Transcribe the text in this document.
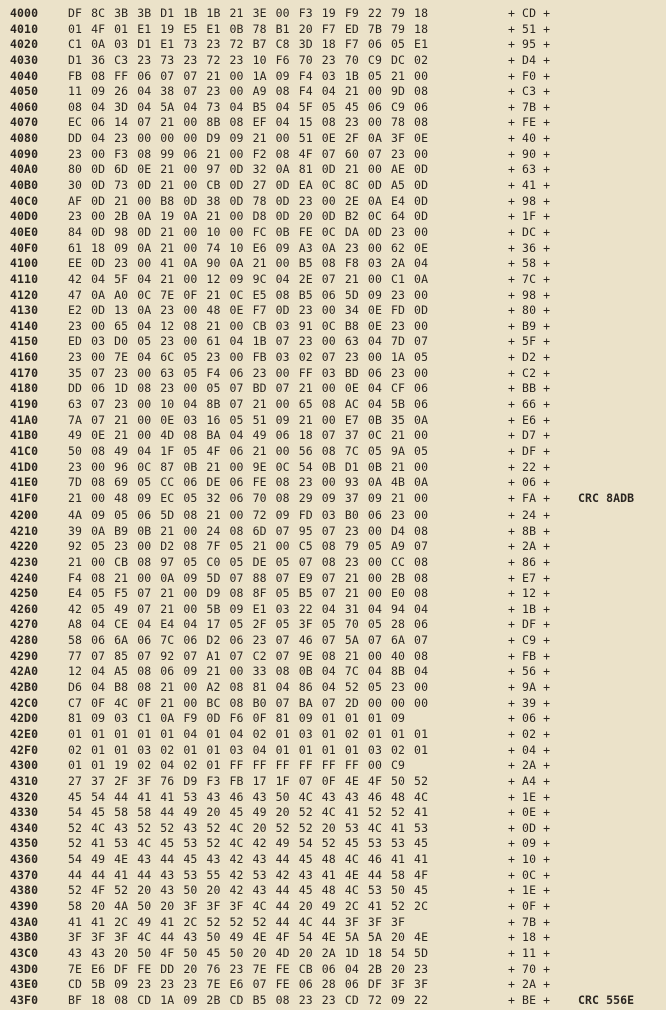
4000	DF 8C 3B 3B D1 1B 1B 21 3E 00 F3 19 F9 22 79 18	+ CD +
4010	01 4F 01 E1 19 E5 E1 0B 78 B1 20 F7 ED 7B 79 18	+ 51 +
4020	C1 0A 03 D1 E1 73 23 72 B7 C8 3D 18 F7 06 05 E1	+ 95 +
4030	D1 36 C3 23 73 23 72 23 10 F6 70 23 70 C9 DC 02	+ D4 +
4040	FB 08 FF 06 07 07 21 00 1A 09 F4 03 1B 05 21 00	+ F0 +
4050	11 09 26 04 38 07 23 00 A9 08 F4 04 21 00 9D 08	+ C3 +
4060	08 04 3D 04 5A 04 73 04 B5 04 5F 05 45 06 C9 06	+ 7B +
4070	EC 06 14 07 21 00 8B 08 EF 04 15 08 23 00 78 08	+ FE +
4080	DD 04 23 00 00 00 D9 09 21 00 51 0E 2F 0A 3F 0E	+ 40 +
4090	23 00 F3 08 99 06 21 00 F2 08 4F 07 60 07 23 00	+ 90 +
40A0	80 0D 6D 0E 21 00 97 0D 32 0A 81 0D 21 00 AE 0D	+ 63 +
40B0	30 0D 73 0D 21 00 CB 0D 27 0D EA 0C 8C 0D A5 0D	+ 41 +
40C0	AF 0D 21 00 B8 0D 38 0D 78 0D 23 00 2E 0A E4 0D	+ 98 +
40D0	23 00 2B 0A 19 0A 21 00 D8 0D 20 0D B2 0C 64 0D	+ 1F +
40E0	84 0D 98 0D 21 00 10 00 FC 0B FE 0C DA 0D 23 00	+ DC +
40F0	61 18 09 0A 21 00 74 10 E6 09 A3 0A 23 00 62 0E	+ 36 +
4100	EE 0D 23 00 41 0A 90 0A 21 00 B5 08 F8 03 2A 04	+ 58 +
4110	42 04 5F 04 21 00 12 09 9C 04 2E 07 21 00 C1 0A	+ 7C +
4120	47 0A A0 0C 7E 0F 21 0C E5 08 B5 06 5D 09 23 00	+ 98 +
4130	E2 0D 13 0A 23 00 48 0E F7 0D 23 00 34 0E FD 0D	+ 80 +
4140	23 00 65 04 12 08 21 00 CB 03 91 0C B8 0E 23 00	+ B9 +
4150	ED 03 D0 05 23 00 61 04 1B 07 23 00 63 04 7D 07	+ 5F +
4160	23 00 7E 04 6C 05 23 00 FB 03 02 07 23 00 1A 05	+ D2 +
4170	35 07 23 00 63 05 F4 06 23 00 FF 03 BD 06 23 00	+ C2 +
4180	DD 06 1D 08 23 00 05 07 BD 07 21 00 0E 04 CF 06	+ BB +
4190	63 07 23 00 10 04 8B 07 21 00 65 08 AC 04 5B 06	+ 66 +
41A0	7A 07 21 00 0E 03 16 05 51 09 21 00 E7 0B 35 0A	+ E6 +
41B0	49 0E 21 00 4D 08 BA 04 49 06 18 07 37 0C 21 00	+ D7 +
41C0	50 08 49 04 1F 05 4F 06 21 00 56 08 7C 05 9A 05	+ DF +
41D0	23 00 96 0C 87 0B 21 00 9E 0C 54 0B D1 0B 21 00	+ 22 +
41E0	7D 08 69 05 CC 06 DE 06 FE 08 23 00 93 0A 4B 0A	+ 06 +
41F0	21 00 48 09 EC 05 32 06 70 08 29 09 37 09 21 00	+ FA + CRC 8ADB
4200	4A 09 05 06 5D 08 21 00 72 09 FD 03 B0 06 23 00	+ 24 +
4210	39 0A B9 0B 21 00 24 08 6D 07 95 07 23 00 D4 08	+ 8B +
4220	92 05 23 00 D2 08 7F 05 21 00 C5 08 79 05 A9 07	+ 2A +
4230	21 00 CB 08 97 05 C0 05 DE 05 07 08 23 00 CC 08	+ 86 +
4240	F4 08 21 00 0A 09 5D 07 88 07 E9 07 21 00 2B 08	+ E7 +
4250	E4 05 F5 07 21 00 D9 08 8F 05 B5 07 21 00 E0 08	+ 12 +
4260	42 05 49 07 21 00 5B 09 E1 03 22 04 31 04 94 04	+ 1B +
4270	A8 04 CE 04 E4 04 17 05 2F 05 3F 05 70 05 28 06	+ DF +
4280	58 06 6A 06 7C 06 D2 06 23 07 46 07 5A 07 6A 07	+ C9 +
4290	77 07 85 07 92 07 A1 07 C2 07 9E 08 21 00 40 08	+ FB +
42A0	12 04 A5 08 06 09 21 00 33 08 0B 04 7C 04 8B 04	+ 56 +
42B0	D6 04 B8 08 21 00 A2 08 81 04 86 04 52 05 23 00	+ 9A +
42C0	C7 0F 4C 0F 21 00 BC 08 B0 07 BA 07 2D 00 00 00	+ 39 +
42D0	81 09 03 C1 0A F9 0D F6 0F 81 09 01 01 01 09	+ 06 +
42E0	01 01 01 01 01 04 01 04 02 01 03 01 02 01 01 01	+ 02 +
42F0	02 01 01 03 02 01 01 03 04 01 01 01 01 03 02 01	+ 04 +
4300	01 01 19 02 04 02 01 FF FF FF FF FF FF 00 C9	+ 2A +
4310	27 37 2F 3F 76 D9 F3 FB 17 1F 07 0F 4E 4F 50 52	+ A4 +
4320	45 54 44 41 41 53 43 46 43 50 4C 43 43 46 48 4C	+ 1E +
4330	54 45 58 58 44 49 20 45 49 20 52 4C 41 52 52 41	+ 0E +
4340	52 4C 43 52 52 43 52 4C 20 52 52 20 53 4C 41 53	+ 0D +
4350	52 41 53 4C 45 53 52 4C 42 49 54 52 45 53 53 45	+ 09 +
4360	54 49 4E 43 44 45 43 42 43 44 45 48 4C 46 41 41	+ 10 +
4370	44 44 41 44 43 53 55 42 53 42 43 41 4E 44 58 4F	+ 0C +
4380	52 4F 52 20 43 50 20 42 43 44 45 48 4C 53 50 45	+ 1E +
4390	58 20 4A 50 20 3F 3F 3F 4C 44 20 49 2C 41 52 2C	+ 0F +
43A0	41 41 2C 49 41 2C 52 52 52 44 4C 44 3F 3F 3F	+ 7B +
43B0	3F 3F 3F 4C 44 43 50 49 4E 4F 54 4E 5A 5A 20 4E	+ 18 +
43C0	43 43 20 50 4F 50 45 50 20 4D 20 2A 1D 18 54 5D	+ 11 +
43D0	7E E6 DF FE DD 20 76 23 7E FE CB 06 04 2B 20 23	+ 70 +
43E0	CD 5B 09 23 23 23 7E E6 07 FE 06 28 06 DF 3F 3F	+ 2A +
43F0	BF 18 08 CD 1A 09 2B CD B5 08 23 23 CD 72 09 22	+ BE + CRC 556E
